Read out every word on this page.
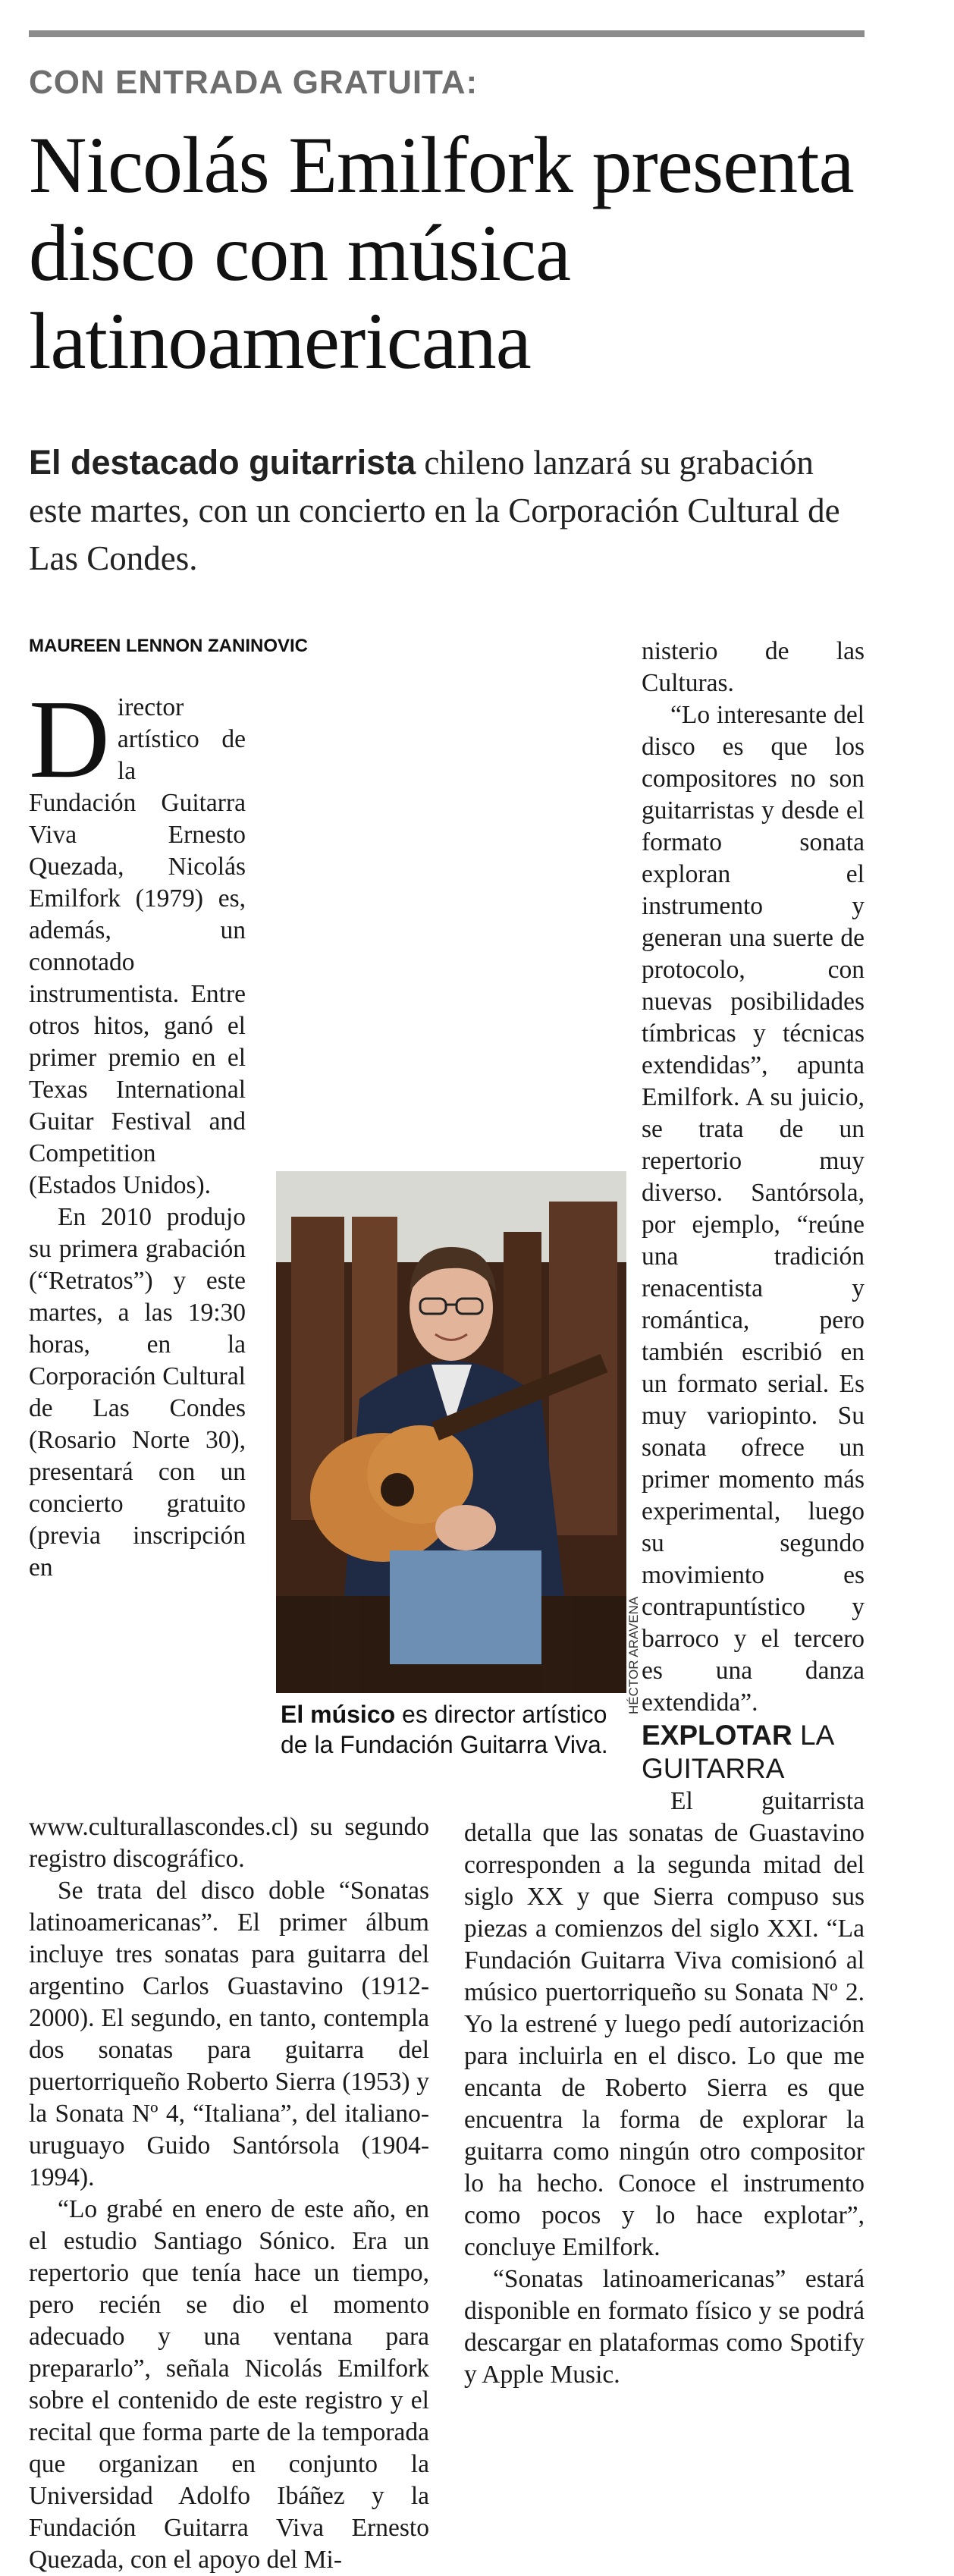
CON ENTRADA GRATUITA:

Nicolás Emilfork presenta disco con música latinoamericana

El destacado guitarrista chileno lanzará su grabación este martes, con un concierto en la Corporación Cultural de Las Condes.

MAUREEN LENNON ZANINOVIC

D irector artístico de la Fundación Guitarra Viva Ernesto Quezada, Nicolás Emilfork (1979) es, además, un connotado instrumentista. Entre otros hitos, ganó el primer premio en el Texas International Guitar Festival and Competition (Estados Unidos).

En 2010 produjo su primera grabación (“Retratos”) y este martes, a las 19:30 horas, en la Corporación Cultural de Las Condes (Rosario Norte 30), presentará con un concierto gratuito (previa inscripción en www.culturallascondes.cl) su segundo registro discográfico.

Se trata del disco doble “Sonatas latinoamericanas”. El primer álbum incluye tres sonatas para guitarra del argentino Carlos Guastavino (1912-2000). El segundo, en tanto, contempla dos sonatas para guitarra del puertorriqueño Roberto Sierra (1953) y la Sonata Nº 4, “Italiana”, del italiano-uruguayo Guido Santórsola (1904-1994).

“Lo grabé en enero de este año, en el estudio Santiago Sónico. Era un repertorio que tenía hace un tiempo, pero recién se dio el momento adecuado y una ventana para prepararlo”, señala Nicolás Emilfork sobre el contenido de este registro y el recital que forma parte de la temporada que organizan en conjunto la Universidad Adolfo Ibáñez y la Fundación Guitarra Viva Ernesto Quezada, con el apoyo del Mi-

nisterio de las Culturas.

“Lo interesante del disco es que los compositores no son guitarristas y desde el formato sonata exploran el instrumento y generan una suerte de protocolo, con nuevas posibilidades tímbricas y técnicas extendidas”, apunta Emilfork. A su juicio, se trata de un repertorio muy diverso. Santórsola, por ejemplo, “reúne una tradición renacentista y romántica, pero también escribió en un formato serial. Es muy variopinto. Su sonata ofrece un primer momento más experimental, luego su segundo movimiento es contrapuntístico y barroco y el tercero es una danza extendida”.

EXPLOTAR LA GUITARRA

El guitarrista detalla que las sonatas de Guastavino corresponden a la segunda mitad del siglo XX y que Sierra compuso sus piezas a comienzos del siglo XXI. “La Fundación Guitarra Viva comisionó al músico puertorriqueño su Sonata Nº 2. Yo la estrené y luego pedí autorización para incluirla en el disco. Lo que me encanta de Roberto Sierra es que encuentra la forma de explorar la guitarra como ningún otro compositor lo ha hecho. Conoce el instrumento como pocos y lo hace explotar”, concluye Emilfork.

“Sonatas latinoamericanas” estará disponible en formato físico y se podrá descargar en plataformas como Spotify y Apple Music.

El músico es director artístico de la Fundación Guitarra Viva.

HÉCTOR ARAVENA
